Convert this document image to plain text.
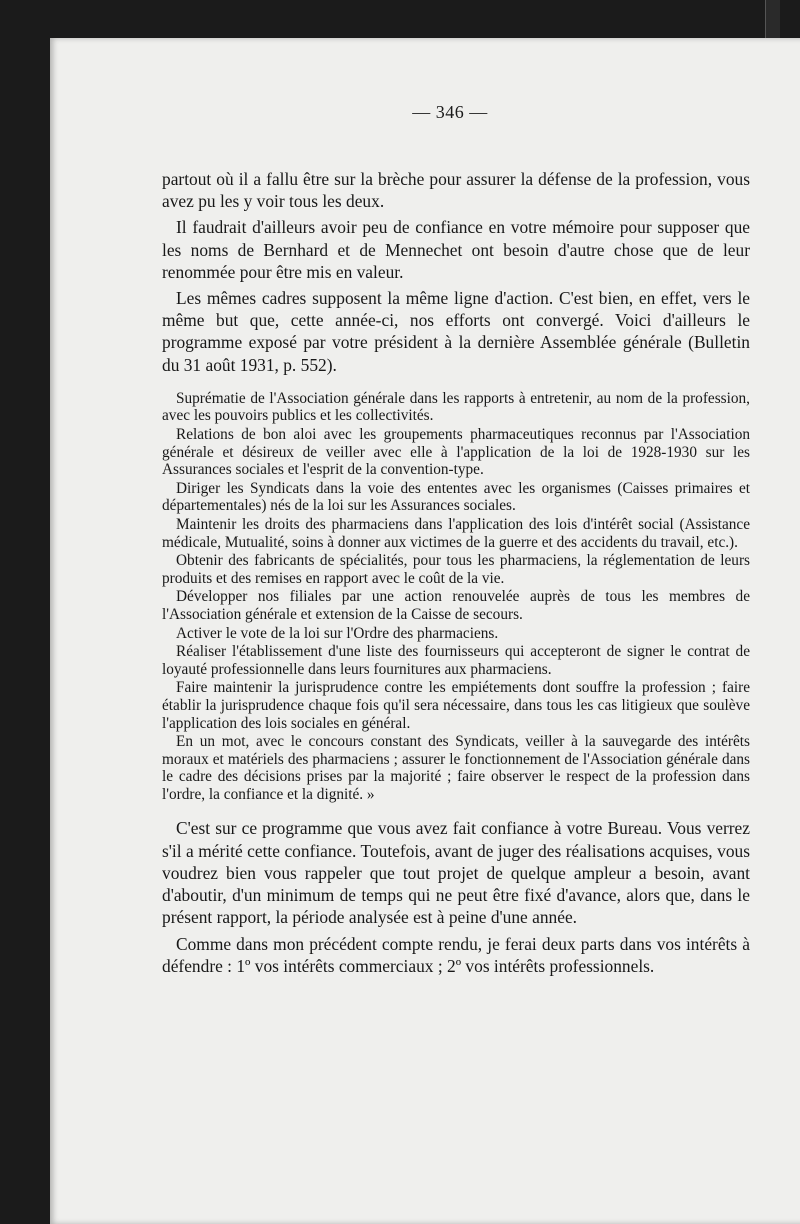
— 346 —

partout où il a fallu être sur la brèche pour assurer la défense de la profession, vous avez pu les y voir tous les deux.

Il faudrait d'ailleurs avoir peu de confiance en votre mémoire pour supposer que les noms de Bernhard et de Mennechet ont besoin d'autre chose que de leur renommée pour être mis en valeur.

Les mêmes cadres supposent la même ligne d'action. C'est bien, en effet, vers le même but que, cette année-ci, nos efforts ont convergé. Voici d'ailleurs le programme exposé par votre président à la dernière Assemblée générale (Bulletin du 31 août 1931, p. 552).

Suprématie de l'Association générale dans les rapports à entretenir, au nom de la profession, avec les pouvoirs publics et les collectivités.

Relations de bon aloi avec les groupements pharmaceutiques reconnus par l'Association générale et désireux de veiller avec elle à l'application de la loi de 1928-1930 sur les Assurances sociales et l'esprit de la convention-type.

Diriger les Syndicats dans la voie des ententes avec les organismes (Caisses primaires et départementales) nés de la loi sur les Assurances sociales.

Maintenir les droits des pharmaciens dans l'application des lois d'intérêt social (Assistance médicale, Mutualité, soins à donner aux victimes de la guerre et des accidents du travail, etc.).

Obtenir des fabricants de spécialités, pour tous les pharmaciens, la réglementation de leurs produits et des remises en rapport avec le coût de la vie.

Développer nos filiales par une action renouvelée auprès de tous les membres de l'Association générale et extension de la Caisse de secours.

Activer le vote de la loi sur l'Ordre des pharmaciens.

Réaliser l'établissement d'une liste des fournisseurs qui accepteront de signer le contrat de loyauté professionnelle dans leurs fournitures aux pharmaciens.

Faire maintenir la jurisprudence contre les empiétements dont souffre la profession ; faire établir la jurisprudence chaque fois qu'il sera nécessaire, dans tous les cas litigieux que soulève l'application des lois sociales en général.

En un mot, avec le concours constant des Syndicats, veiller à la sauvegarde des intérêts moraux et matériels des pharmaciens ; assurer le fonctionnement de l'Association générale dans le cadre des décisions prises par la majorité ; faire observer le respect de la profession dans l'ordre, la confiance et la dignité. »

C'est sur ce programme que vous avez fait confiance à votre Bureau. Vous verrez s'il a mérité cette confiance. Toutefois, avant de juger des réalisations acquises, vous voudrez bien vous rappeler que tout projet de quelque ampleur a besoin, avant d'aboutir, d'un minimum de temps qui ne peut être fixé d'avance, alors que, dans le présent rapport, la période analysée est à peine d'une année.

Comme dans mon précédent compte rendu, je ferai deux parts dans vos intérêts à défendre : 1º vos intérêts commerciaux ; 2º vos intérêts professionnels.
